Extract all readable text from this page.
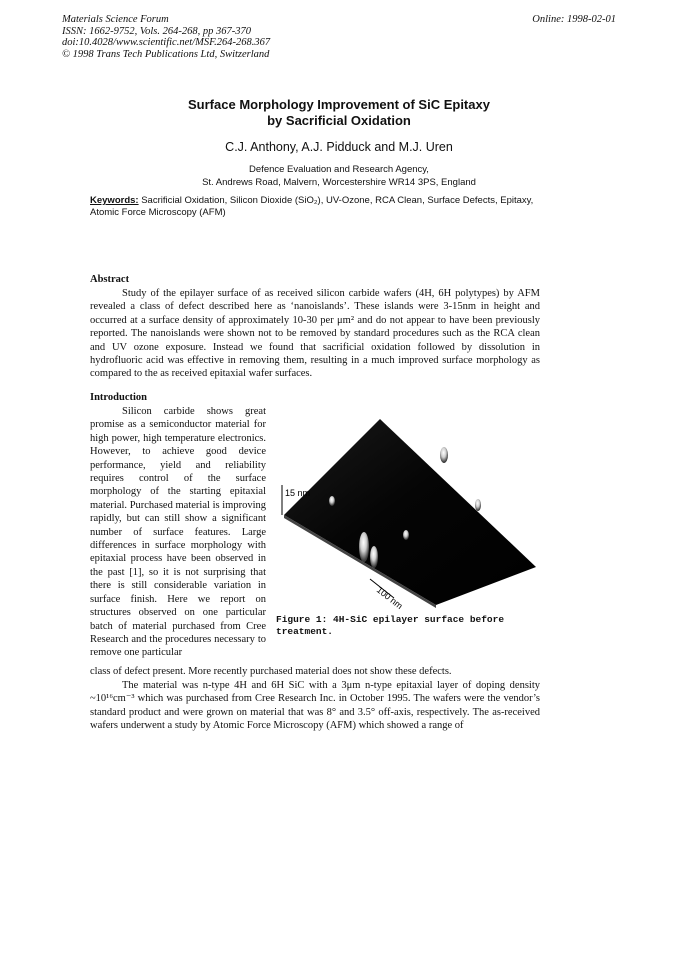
Materials Science Forum
ISSN: 1662-9752, Vols. 264-268, pp 367-370
doi:10.4028/www.scientific.net/MSF.264-268.367
© 1998 Trans Tech Publications Ltd, Switzerland
Online: 1998-02-01
Surface Morphology Improvement of SiC Epitaxy
by Sacrificial Oxidation
C.J. Anthony, A.J. Pidduck and M.J. Uren
Defence Evaluation and Research Agency,
St. Andrews Road, Malvern, Worcestershire WR14 3PS, England
Keywords: Sacrificial Oxidation, Silicon Dioxide (SiO₂), UV-Ozone, RCA Clean, Surface Defects, Epitaxy, Atomic Force Microscopy (AFM)
Abstract

Study of the epilayer surface of as received silicon carbide wafers (4H, 6H polytypes) by AFM revealed a class of defect described here as ‘nanoislands’. These islands were 3-15nm in height and occurred at a surface density of approximately 10-30 per μm² and do not appear to have been previously reported. The nanoislands were shown not to be removed by standard procedures such as the RCA clean and UV ozone exposure. Instead we found that sacrificial oxidation followed by dissolution in hydrofluoric acid was effective in removing them, resulting in a much improved surface morphology as compared to the as received epitaxial wafer surfaces.

Introduction

Silicon carbide shows great promise as a semiconductor material for high power, high temperature electronics. However, to achieve good device performance, yield and reliability requires control of the surface morphology of the starting epitaxial material. Purchased material is improving rapidly, but can still show a significant number of surface features. Large differences in surface morphology with epitaxial process have been observed in the past [1], so it is not surprising that there is still considerable variation in surface finish. Here we report on structures observed on one particular batch of material purchased from Cree Research and the procedures necessary to remove one particular

15 nm
100 nm

Figure 1: 4H-SiC epilayer surface before treatment.

class of defect present. More recently purchased material does not show these defects.

The material was n-type 4H and 6H SiC with a 3μm n-type epitaxial layer of doping density ~10¹⁶cm⁻³ which was purchased from Cree Research Inc. in October 1995. The wafers were the vendor’s standard product and were grown on material that was 8° and 3.5° off-axis, respectively. The as-received wafers underwent a study by Atomic Force Microscopy (AFM) which showed a range of
